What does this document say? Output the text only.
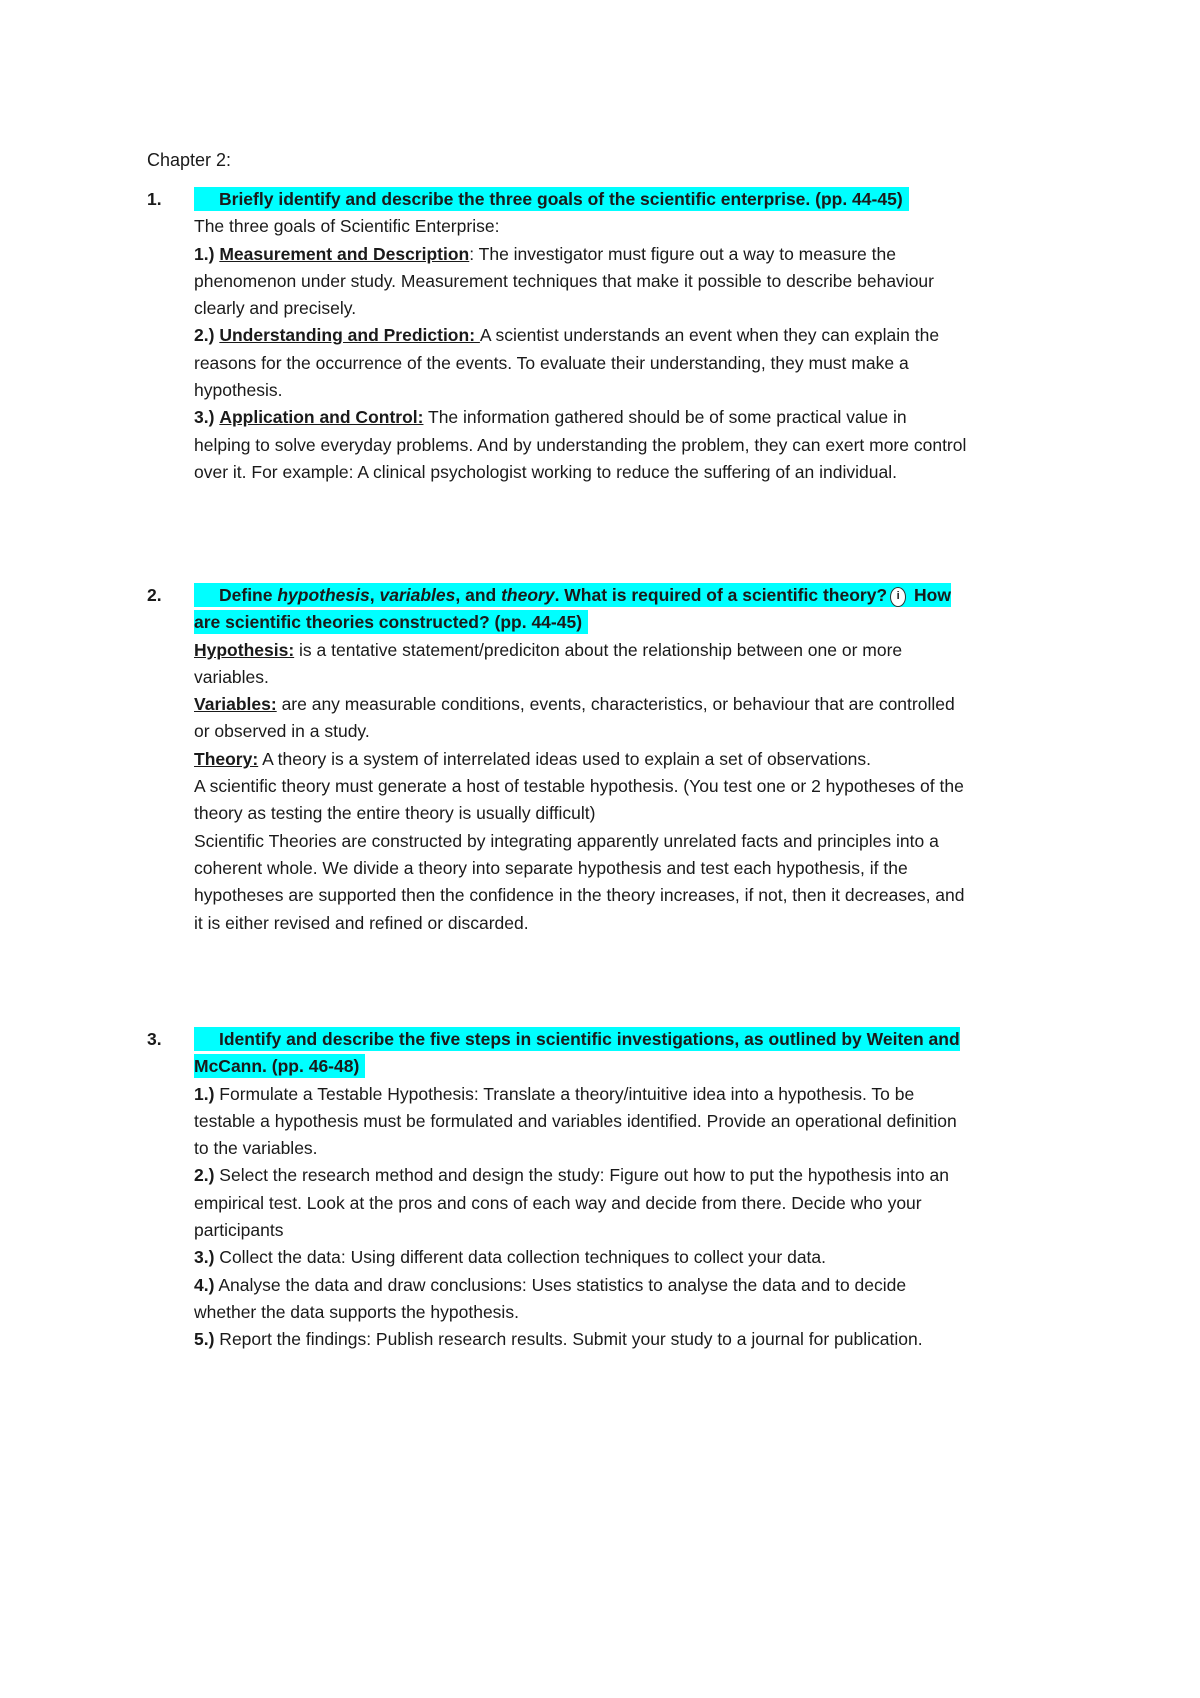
Chapter 2:
1.	Briefly identify and describe the three goals of the scientific enterprise. (pp. 44-45)

The three goals of Scientific Enterprise:

1.) Measurement and Description: The investigator must figure out a way to measure the phenomenon under study. Measurement techniques that make it possible to describe behaviour clearly and precisely.

2.) Understanding and Prediction: A scientist understands an event when they can explain the reasons for the occurrence of the events. To evaluate their understanding, they must make a hypothesis.

3.) Application and Control: The information gathered should be of some practical value in helping to solve everyday problems. And by understanding the problem, they can exert more control over it. For example: A clinical psychologist working to reduce the suffering of an individual.

2.	Define hypothesis, variables, and theory. What is required of a scientific theory? i How are scientific theories constructed? (pp. 44-45)

Hypothesis: is a tentative statement/prediciton about the relationship between one or more variables.

Variables: are any measurable conditions, events, characteristics, or behaviour that are controlled or observed in a study.

Theory: A theory is a system of interrelated ideas used to explain a set of observations.

A scientific theory must generate a host of testable hypothesis. (You test one or 2 hypotheses of the theory as testing the entire theory is usually difficult)

Scientific Theories are constructed by integrating apparently unrelated facts and principles into a coherent whole. We divide a theory into separate hypothesis and test each hypothesis, if the hypotheses are supported then the confidence in the theory increases, if not, then it decreases, and it is either revised and refined or discarded.

3.	Identify and describe the five steps in scientific investigations, as outlined by Weiten and McCann. (pp. 46-48)

1.) Formulate a Testable Hypothesis: Translate a theory/intuitive idea into a hypothesis. To be testable a hypothesis must be formulated and variables identified. Provide an operational definition to the variables.

2.) Select the research method and design the study: Figure out how to put the hypothesis into an empirical test. Look at the pros and cons of each way and decide from there. Decide who your participants

3.) Collect the data: Using different data collection techniques to collect your data.

4.) Analyse the data and draw conclusions: Uses statistics to analyse the data and to decide whether the data supports the hypothesis.

5.) Report the findings: Publish research results. Submit your study to a journal for publication.
